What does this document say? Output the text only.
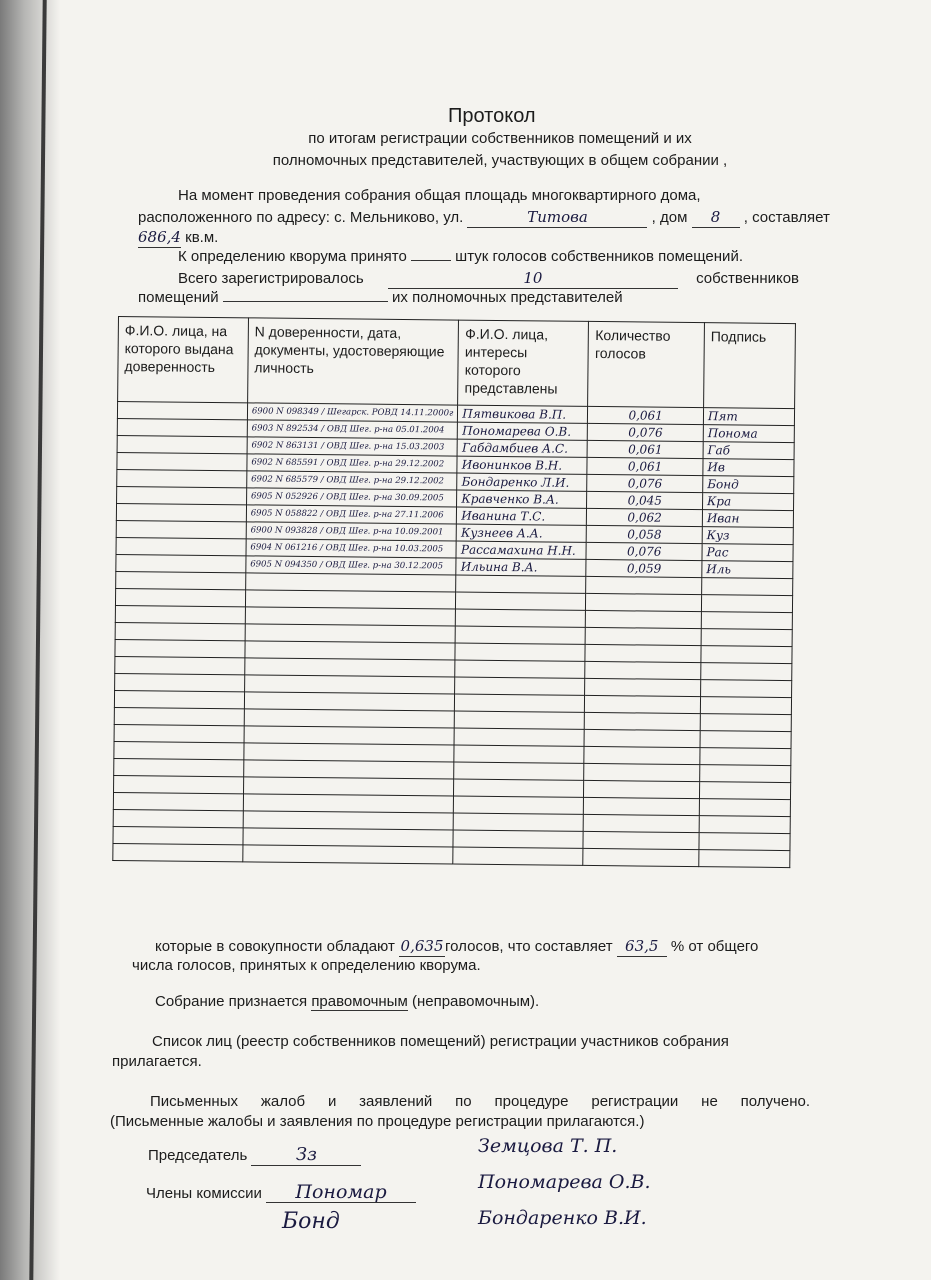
Протокол
по итогам регистрации собственников помещений и их
полномочных представителей, участвующих в общем собрании ,
На момент проведения собрания общая площадь многоквартирного дома,
расположенного по адресу: с. Мельниково, ул.	Титова	, дом 8 , составляет
686,4 кв.м.
К определению кворума принято	штук голосов собственников помещений.
Всего зарегистрировалось	10	собственников
помещений	их полномочных представителей
Ф.И.О. лица, на которого выдана доверенность	N доверенности, дата, документы, удостоверяющие личность	Ф.И.О. лица, интересы которого представлены	Количество голосов	Подпись
	6900 N 098349 / Шегарск. РОВД 14.11.2000г	Пятвикова В.П.	0,061	Пят
	6903 N 892534 / ОВД Шег. р-на 05.01.2004	Пономарева О.В.	0,076	Понома
	6902 N 863131 / ОВД Шег. р-на 15.03.2003	Габдамбиев А.С.	0,061	Габ
	6902 N 685591 / ОВД Шег. р-на 29.12.2002	Ивонинков В.Н.	0,061	Ив
	6902 N 685579 / ОВД Шег. р-на 29.12.2002	Бондаренко Л.И.	0,076	Бонд
	6905 N 052926 / ОВД Шег. р-на 30.09.2005	Кравченко В.А.	0,045	Кра
	6905 N 058822 / ОВД Шег. р-на 27.11.2006	Иванина Т.С.	0,062	Иван
	6900 N 093828 / ОВД Шег. р-на 10.09.2001	Кузнеев А.А.	0,058	Куз
	6904 N 061216 / ОВД Шег. р-на 10.03.2005	Рассамахина Н.Н.	0,076	Рас
	6905 N 094350 / ОВД Шег. р-на 30.12.2005	Ильина В.А.	0,059	Иль

которые в совокупности обладают 0,635 голосов, что составляет 63,5 % от общего
числа голосов, принятых к определению кворума.
Собрание признается правомочным (неправомочным).
Список лиц (реестр собственников помещений) регистрации участников собрания
прилагается.
Письменных жалоб и заявлений по процедуре регистрации не получено.
(Письменные жалобы и заявления по процедуре регистрации прилагаются.)
Председатель	Зз	Земцова Т. П.
Члены комиссии Пономар	Пономарева О.В.
Бонд	Бондаренко В.И.
